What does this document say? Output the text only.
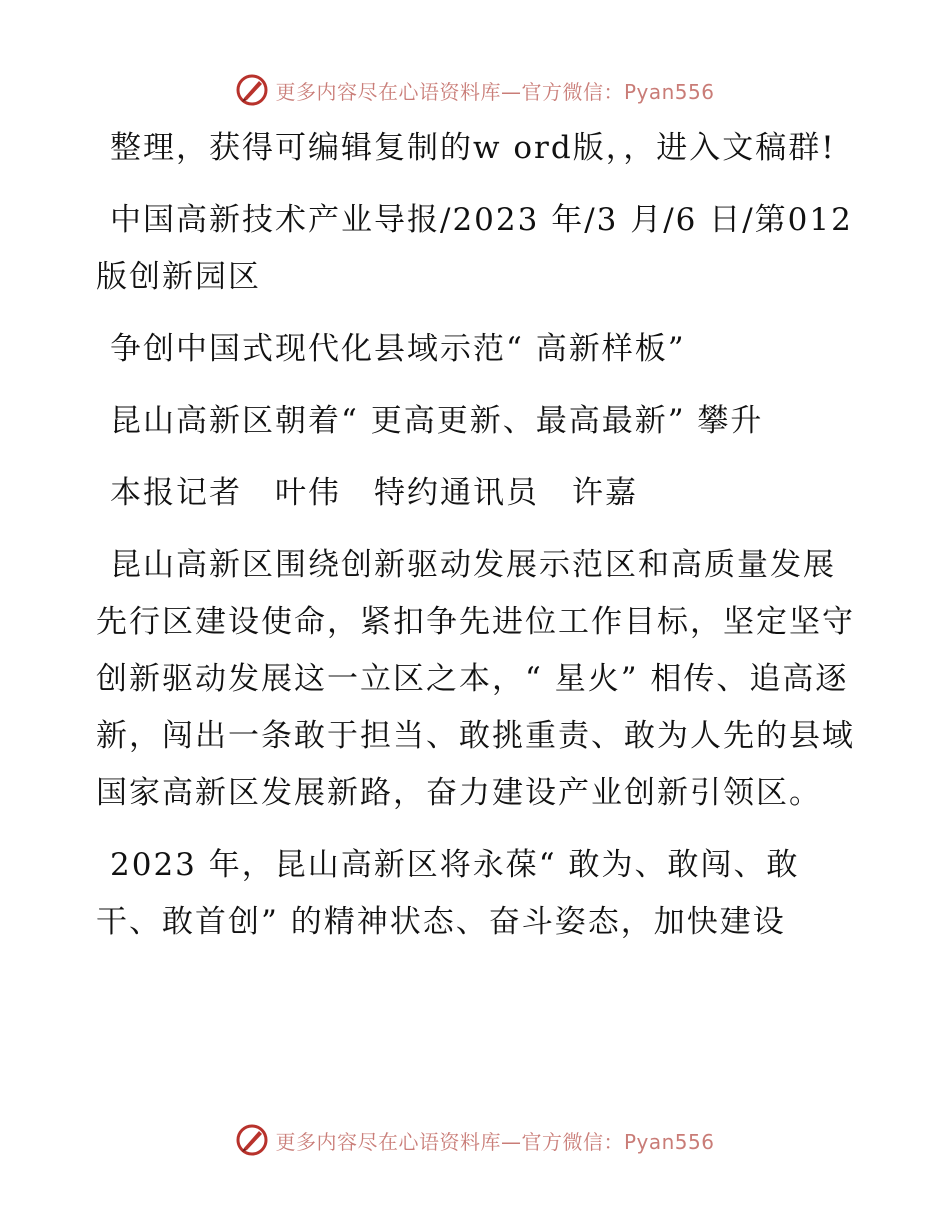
更多内容尽在心语资料库—官方微信：Pyan556

整理，获得可编辑复制的w ord版，，进入文稿群!

中国高新技术产业导报/2023 年/3 月/6 日/第012 版创新园区

争创中国式现代化县域示范“ 高新样板”

昆山高新区朝着“ 更高更新、最高最新” 攀升

本报记者　叶伟　特约通讯员　许嘉

昆山高新区围绕创新驱动发展示范区和高质量发展先行区建设使命，紧扣争先进位工作目标，坚定坚守创新驱动发展这一立区之本，“ 星火” 相传、追高逐新，闯出一条敢于担当、敢挑重责、敢为人先的县域国家高新区发展新路，奋力建设产业创新引领区。

2023 年，昆山高新区将永葆“ 敢为、敢闯、敢干、敢首创” 的精神状态、奋斗姿态，加快建设

更多内容尽在心语资料库—官方微信：Pyan556
